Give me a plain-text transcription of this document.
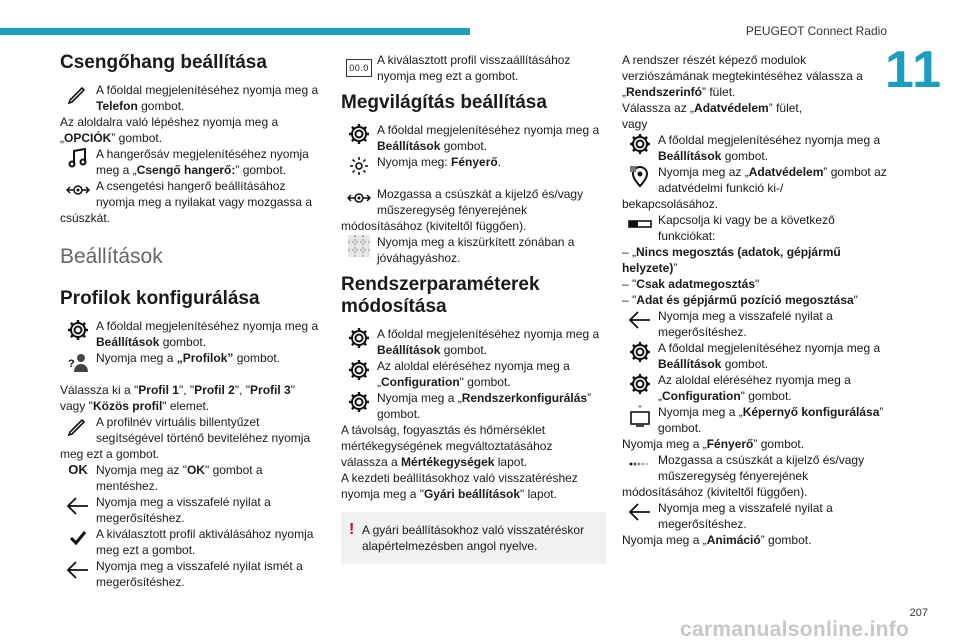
PEUGEOT Connect Radio
11
Csengőhang beállítása
A főoldal megjelenítéséhez nyomja meg a Telefon gombot.

Az aloldalra való lépéshez nyomja meg a „OPCIÓK” gombot.

A hangerősáv megjelenítéséhez nyomja meg a „Csengő hangerő:” gombot.
A csengetési hangerő beállításához nyomja meg a nyilakat vagy mozgassa a

csúszkát.

Beállítások
Profilok konfigurálása
A főoldal megjelenítéséhez nyomja meg a Beállítások gombot.
Nyomja meg a „Profilok” gombot.

Válassza ki a "Profil 1", "Profil 2", "Profil 3"
vagy "Közös profil" elemet.

A profilnév virtuális billentyűzet segítségével történő beviteléhez nyomja

meg ezt a gombot.

OK Nyomja meg az "OK" gombot a mentéshez.
Nyomja meg a visszafelé nyilat a megerősítéshez.
A kiválasztott profil aktiválásához nyomja meg ezt a gombot.
Nyomja meg a visszafelé nyilat ismét a megerősítéshez.
00.0
A kiválasztott profil visszaállításához nyomja meg ezt a gombot.
Megvilágítás beállítása
A főoldal megjelenítéséhez nyomja meg a Beállítások gombot.
Nyomja meg: Fényerő.
Mozgassa a csúszkát a kijelző és/vagy műszeregység fényerejének

módosításához (kiviteltől függően).

Nyomja meg a kiszürkített zónában a jóváhagyáshoz.
Rendszerparaméterek
módosítása
A főoldal megjelenítéséhez nyomja meg a Beállítások gombot.
Az aloldal eléréséhez nyomja meg a „Configuration" gombot.
Nyomja meg a „Rendszerkonfigurálás” gombot.

A távolság, fogyasztás és hőmérséklet mértékegységének megváltoztatásához

válassza a Mértékegységek lapot.

A kezdeti beállításokhoz való visszatéréshez nyomja meg a "Gyári beállítások" lapot.

! A gyári beállításokhoz való visszatéréskor alapértelmezésben angol nyelve.

A rendszer részét képező modulok verziószámának megtekintéséhez válassza a „Rendszerinfó” fület.

Válassza az „Adatvédelem” fület,

vagy

A főoldal megjelenítéséhez nyomja meg a Beállítások gombot.
Nyomja meg az „Adatvédelem” gombot az adatvédelmi funkció ki-/

bekapcsolásához.

Kapcsolja ki vagy be a következő funkciókat:

– „Nincs megosztás (adatok, gépjármű helyzete)”

– "Csak adatmegosztás"

– "Adat és gépjármű pozíció megosztása"

Nyomja meg a visszafelé nyilat a megerősítéshez.
A főoldal megjelenítéséhez nyomja meg a Beállítások gombot.
Az aloldal eléréséhez nyomja meg a „Configuration" gombot.
Nyomja meg a „Képernyő konfigurálása” gombot.

Nyomja meg a „Fényerő” gombot.

Mozgassa a csúszkát a kijelző és/vagy műszeregység fényerejének

módosításához (kiviteltől függően).

Nyomja meg a visszafelé nyilat a megerősítéshez.

Nyomja meg a „Animáció” gombot.

207
carmanualsonline.info
